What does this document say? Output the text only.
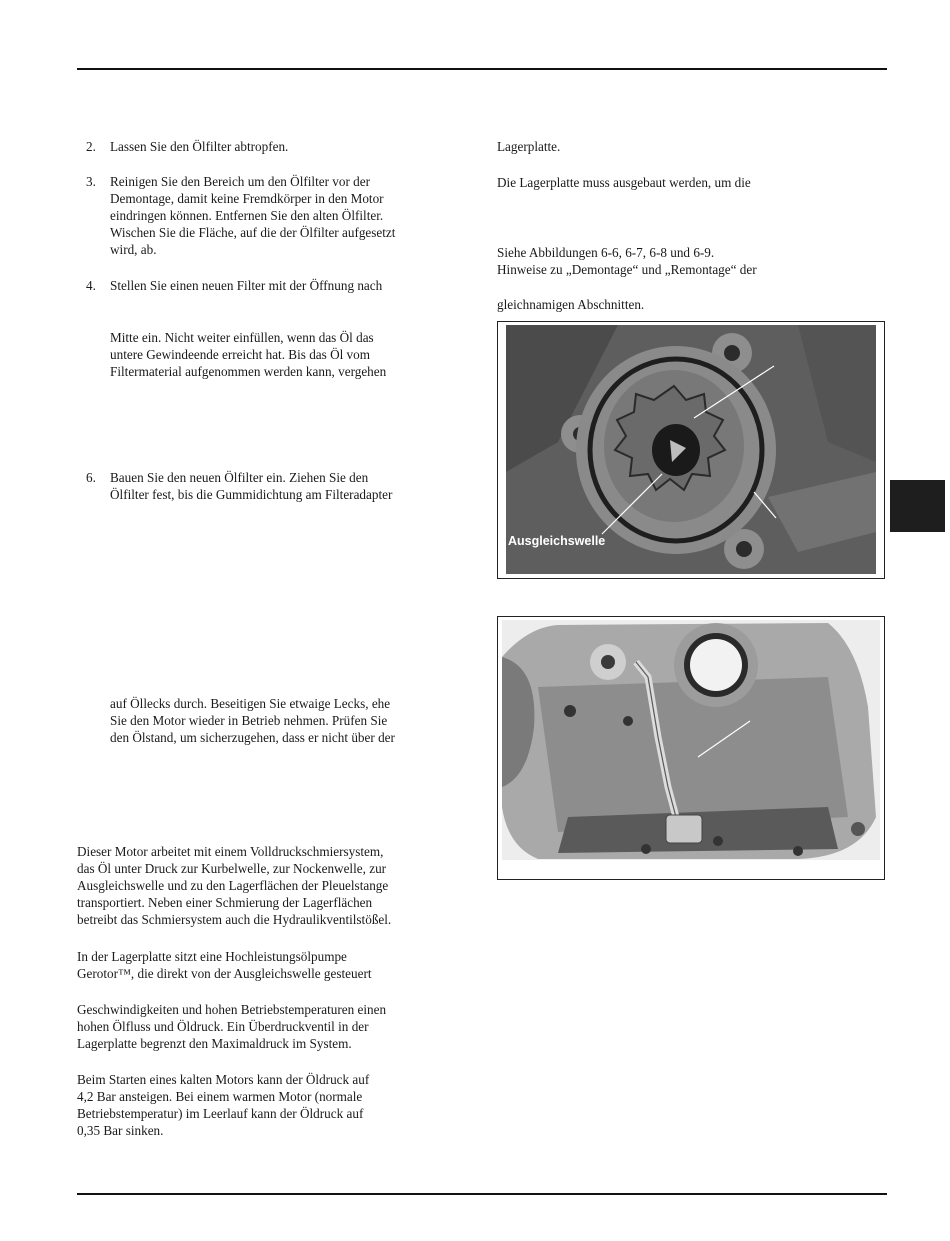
2. Lassen Sie den Ölfilter abtropfen.
3. Reinigen Sie den Bereich um den Ölfilter vor der
Demontage, damit keine Fremdkörper in den Motor
eindringen können. Entfernen Sie den alten Ölfilter.
Wischen Sie die Fläche, auf die der Ölfilter aufgesetzt
wird, ab.
4. Stellen Sie einen neuen Filter mit der Öffnung nach
Mitte ein. Nicht weiter einfüllen, wenn das Öl das
untere Gewindeende erreicht hat. Bis das Öl vom
Filtermaterial aufgenommen werden kann, vergehen
6. Bauen Sie den neuen Ölfilter ein. Ziehen Sie den
Ölfilter fest, bis die Gummidichtung am Filteradapter
auf Öllecks durch. Beseitigen Sie etwaige Lecks, ehe
Sie den Motor wieder in Betrieb nehmen. Prüfen Sie
den Ölstand, um sicherzugehen, dass er nicht über der
Dieser Motor arbeitet mit einem Volldruckschmiersystem,
das Öl unter Druck zur Kurbelwelle, zur Nockenwelle, zur
Ausgleichswelle und zu den Lagerflächen der Pleuelstange
transportiert. Neben einer Schmierung der Lagerflächen
betreibt das Schmiersystem auch die Hydraulikventilstößel.
In der Lagerplatte sitzt eine Hochleistungsölpumpe
Gerotor™, die direkt von der Ausgleichswelle gesteuert
Geschwindigkeiten und hohen Betriebstemperaturen einen
hohen Ölfluss und Öldruck. Ein Überdruckventil in der
Lagerplatte begrenzt den Maximaldruck im System.
Beim Starten eines kalten Motors kann der Öldruck auf
4,2 Bar ansteigen. Bei einem warmen Motor (normale
Betriebstemperatur) im Leerlauf kann der Öldruck auf
0,35 Bar sinken.
Lagerplatte.
Die Lagerplatte muss ausgebaut werden, um die
Siehe Abbildungen 6-6, 6-7, 6-8 und 6-9.
Hinweise zu „Demontage“ und „Remontage“ der
gleichnamigen Abschnitten.
Ausgleichswelle
